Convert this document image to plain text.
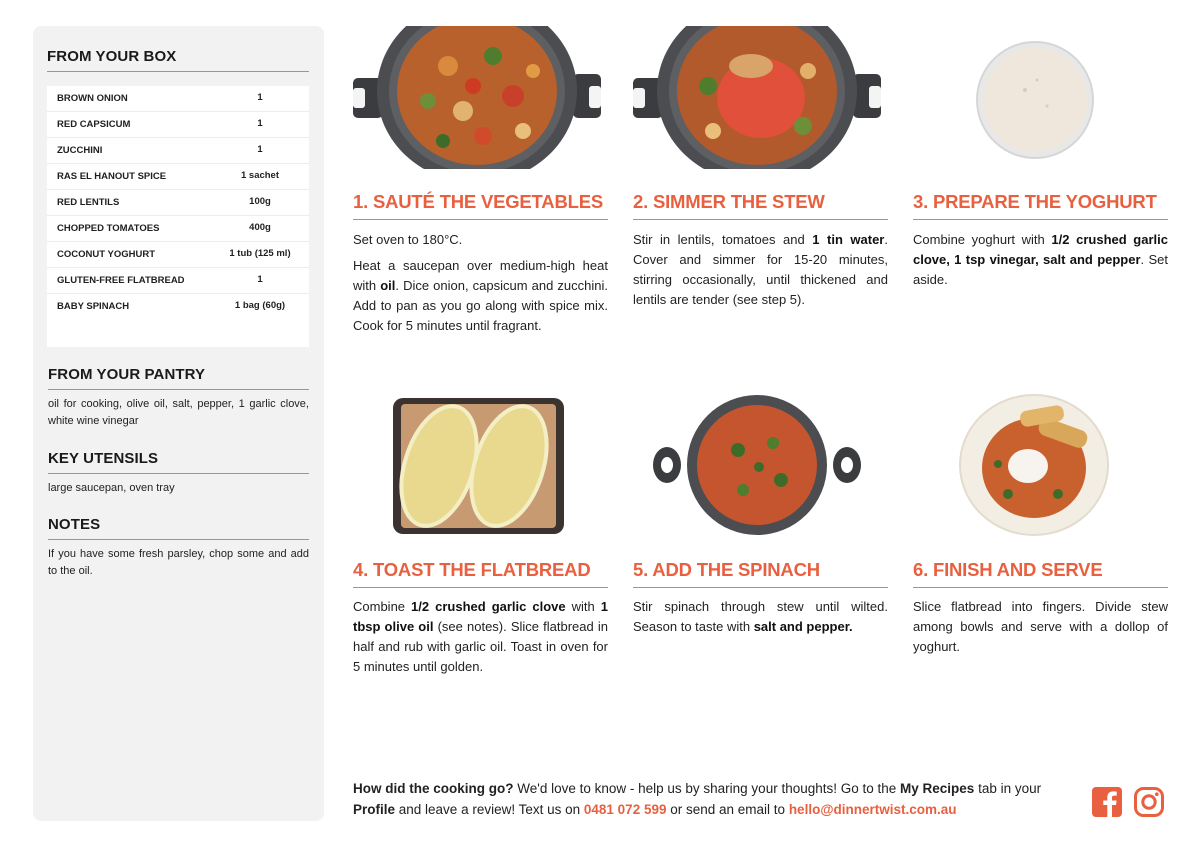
FROM YOUR BOX
BROWN ONION	1
RED CAPSICUM	1
ZUCCHINI	1
RAS EL HANOUT SPICE	1 sachet
RED LENTILS	100g
CHOPPED TOMATOES	400g
COCONUT YOGHURT	1 tub (125 ml)
GLUTEN-FREE FLATBREAD	1
BABY SPINACH	1 bag (60g)
FROM YOUR PANTRY
oil for cooking, olive oil, salt, pepper, 1 garlic clove, white wine vinegar
KEY UTENSILS
large saucepan, oven tray
NOTES
If you have some fresh parsley, chop some and add to the oil.
1. SAUTÉ THE VEGETABLES

Set oven to 180°C.

Heat a saucepan over medium-high heat with oil. Dice onion, capsicum and zucchini. Add to pan as you go along with spice mix. Cook for 5 minutes until fragrant.

2. SIMMER THE STEW

Stir in lentils, tomatoes and 1 tin water. Cover and simmer for 15-20 minutes, stirring occasionally, until thickened and lentils are tender (see step 5).

3. PREPARE THE YOGHURT

Combine yoghurt with 1/2 crushed garlic clove, 1 tsp vinegar, salt and pepper. Set aside.

4. TOAST THE FLATBREAD

Combine 1/2 crushed garlic clove with 1 tbsp olive oil (see notes). Slice flatbread in half and rub with garlic oil. Toast in oven for 5 minutes until golden.

5. ADD THE SPINACH

Stir spinach through stew until wilted. Season to taste with salt and pepper.

6. FINISH AND SERVE

Slice flatbread into fingers. Divide stew among bowls and serve with a dollop of yoghurt.

How did the cooking go? We'd love to know - help us by sharing your thoughts! Go to the My Recipes tab in your Profile and leave a review! Text us on 0481 072 599 or send an email to hello@dinnertwist.com.au
